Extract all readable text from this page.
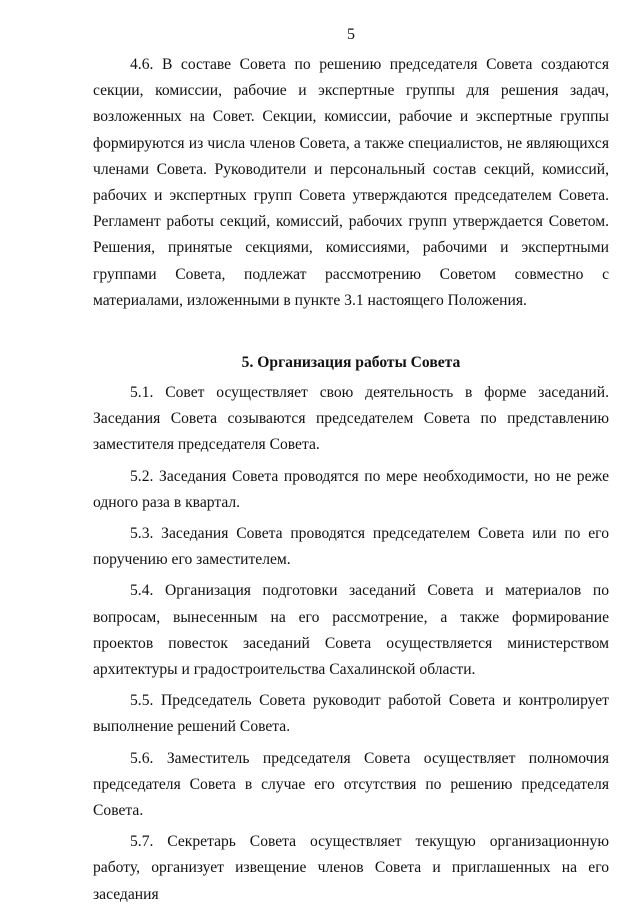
5

4.6. В составе Совета по решению председателя Совета создаются секции, комиссии, рабочие и экспертные группы для решения задач, возложенных на Совет. Секции, комиссии, рабочие и экспертные группы формируются из числа членов Совета, а также специалистов, не являющихся членами Совета. Руководители и персональный состав секций, комиссий, рабочих и экспертных групп Совета утверждаются председателем Совета. Регламент работы секций, комиссий, рабочих групп утверждается Советом. Решения, принятые секциями, комиссиями, рабочими и экспертными группами Совета, подлежат рассмотрению Советом совместно с материалами, изложенными в пункте 3.1 настоящего Положения.

5. Организация работы Совета

5.1. Совет осуществляет свою деятельность в форме заседаний. Заседания Совета созываются председателем Совета по представлению заместителя председателя Совета.

5.2. Заседания Совета проводятся по мере необходимости, но не реже одного раза в квартал.

5.3. Заседания Совета проводятся председателем Совета или по его поручению его заместителем.

5.4. Организация подготовки заседаний Совета и материалов по вопросам, вынесенным на его рассмотрение, а также формирование проектов повесток заседаний Совета осуществляется министерством архитектуры и градостроительства Сахалинской области.

5.5. Председатель Совета руководит работой Совета и контролирует выполнение решений Совета.

5.6. Заместитель председателя Совета осуществляет полномочия председателя Совета в случае его отсутствия по решению председателя Совета.

5.7. Секретарь Совета осуществляет текущую организационную работу, организует извещение членов Совета и приглашенных на его заседания
